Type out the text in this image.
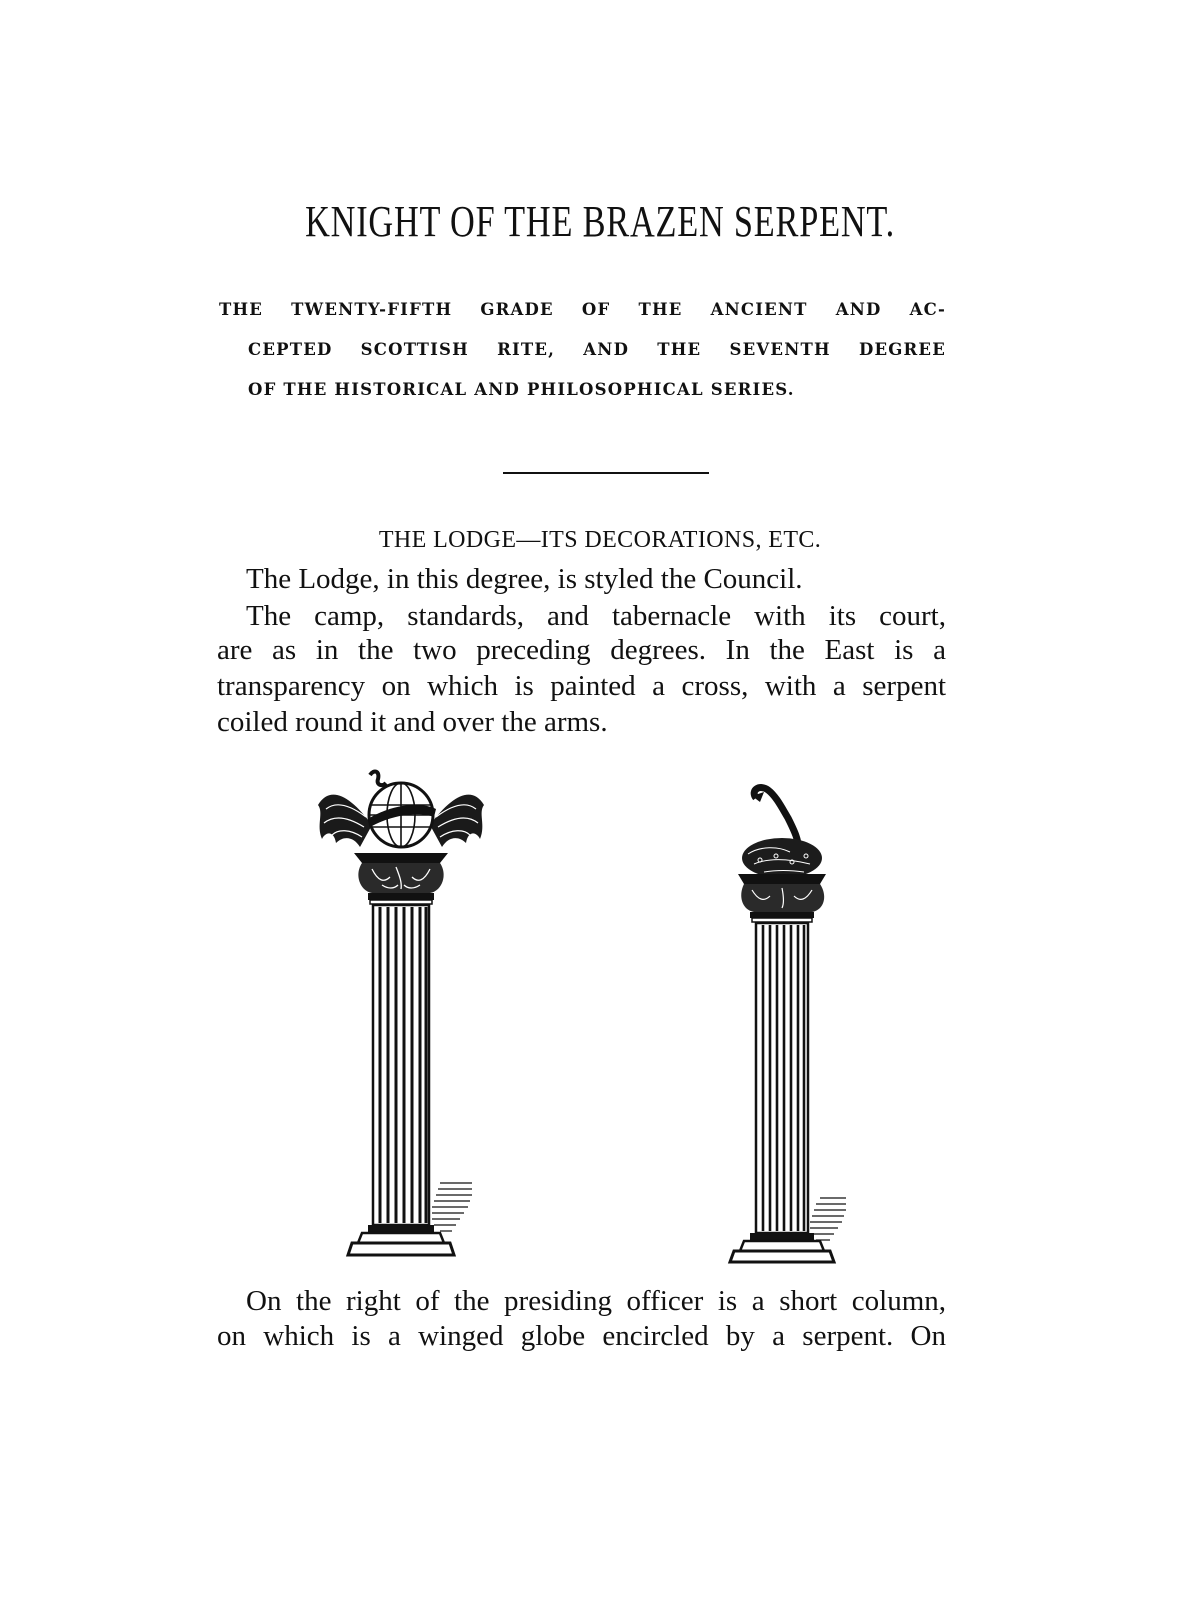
KNIGHT OF THE BRAZEN SERPENT.
THE TWENTY-FIFTH GRADE OF THE ANCIENT AND AC-
CEPTED SCOTTISH RITE, AND THE SEVENTH DEGREE
OF THE HISTORICAL AND PHILOSOPHICAL SERIES.
THE LODGE—ITS DECORATIONS, ETC.
The Lodge, in this degree, is styled the Council.
The camp, standards, and tabernacle with its court,
are as in the two preceding degrees. In the East is a
transparency on which is painted a cross, with a serpent
coiled round it and over the arms.
On the right of the presiding officer is a short column,
on which is a winged globe encircled by a serpent. On
